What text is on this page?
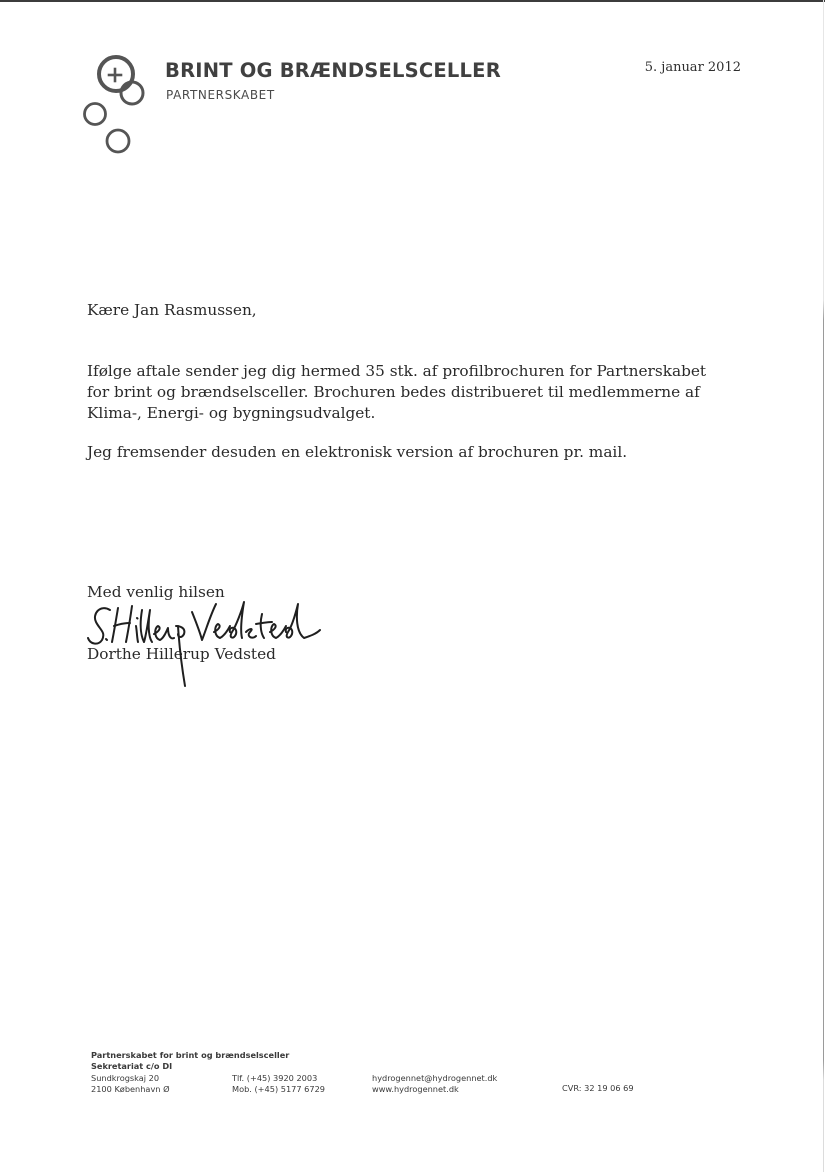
BRINT OG BRÆNDSELSCELLER
PARTNERSKABET
5. januar 2012
Kære Jan Rasmussen,

Ifølge aftale sender jeg dig hermed 35 stk. af profilbrochuren for Partnerskabet for brint og brændselsceller. Brochuren bedes distribueret til medlemmerne af Klima-, Energi- og bygningsudvalget.

Jeg fremsender desuden en elektronisk version af brochuren pr. mail.

Med venlig hilsen
Dorthe Hillerup Vedsted
Partnerskabet for brint og brændselsceller
Sekretariat c/o DI
Sundkrogskaj 20
2100 København Ø
Tlf. (+45) 3920 2003
Mob. (+45) 5177 6729
hydrogennet@hydrogennet.dk
www.hydrogennet.dk	CVR: 32 19 06 69
